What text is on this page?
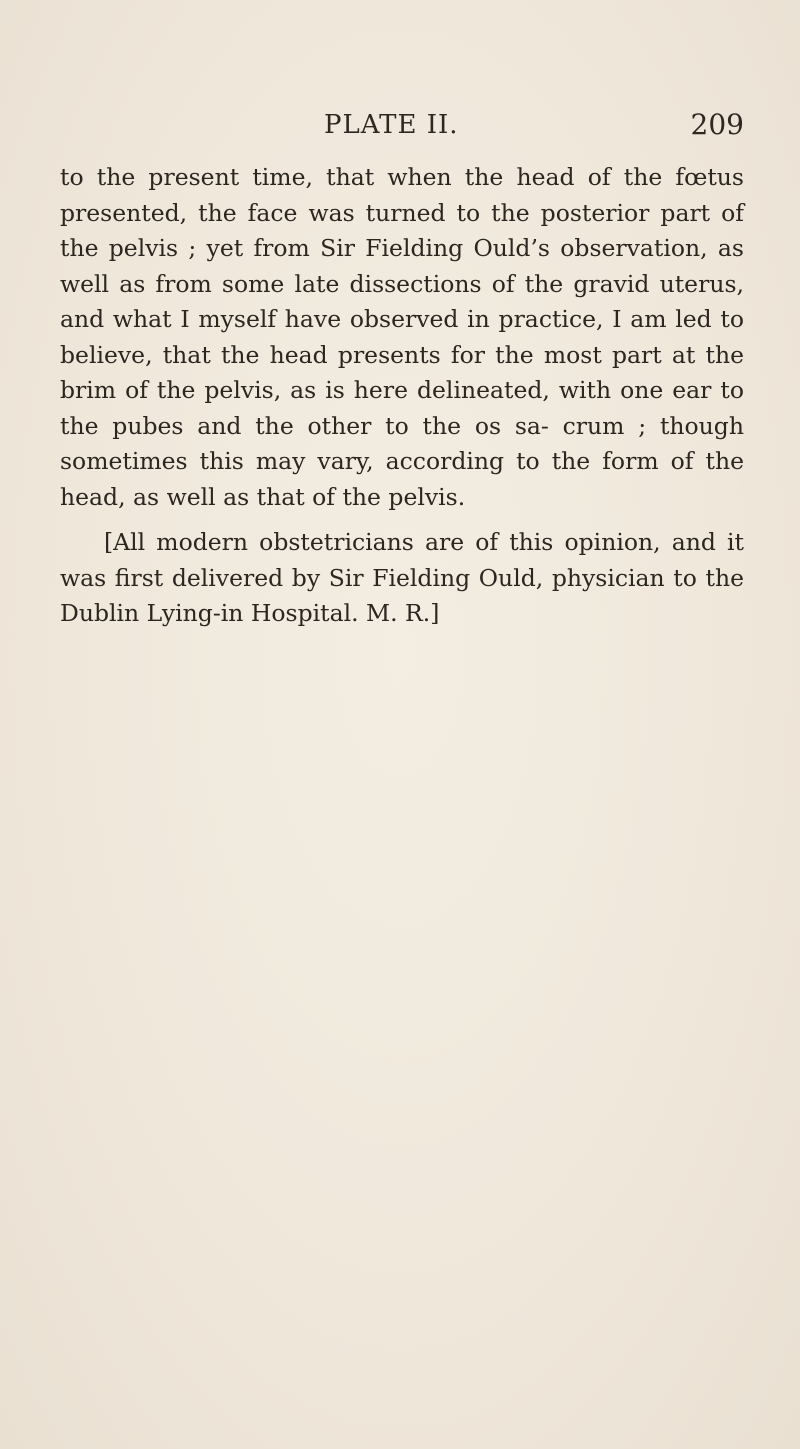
PLATE II.	209

to the present time, that when the head of the fœtus presented, the face was turned to the posterior part of the pelvis ; yet from Sir Fielding Ould’s observation, as well as from some late dissections of the gravid uterus, and what I myself have observed in practice, I am led to believe, that the head presents for the most part at the brim of the pelvis, as is here delineated, with one ear to the pubes and the other to the os sa- crum ; though sometimes this may vary, according to the form of the head, as well as that of the pelvis.

[All modern obstetricians are of this opinion, and it was first delivered by Sir Fielding Ould, physician to the Dublin Lying-in Hospital. M. R.]
